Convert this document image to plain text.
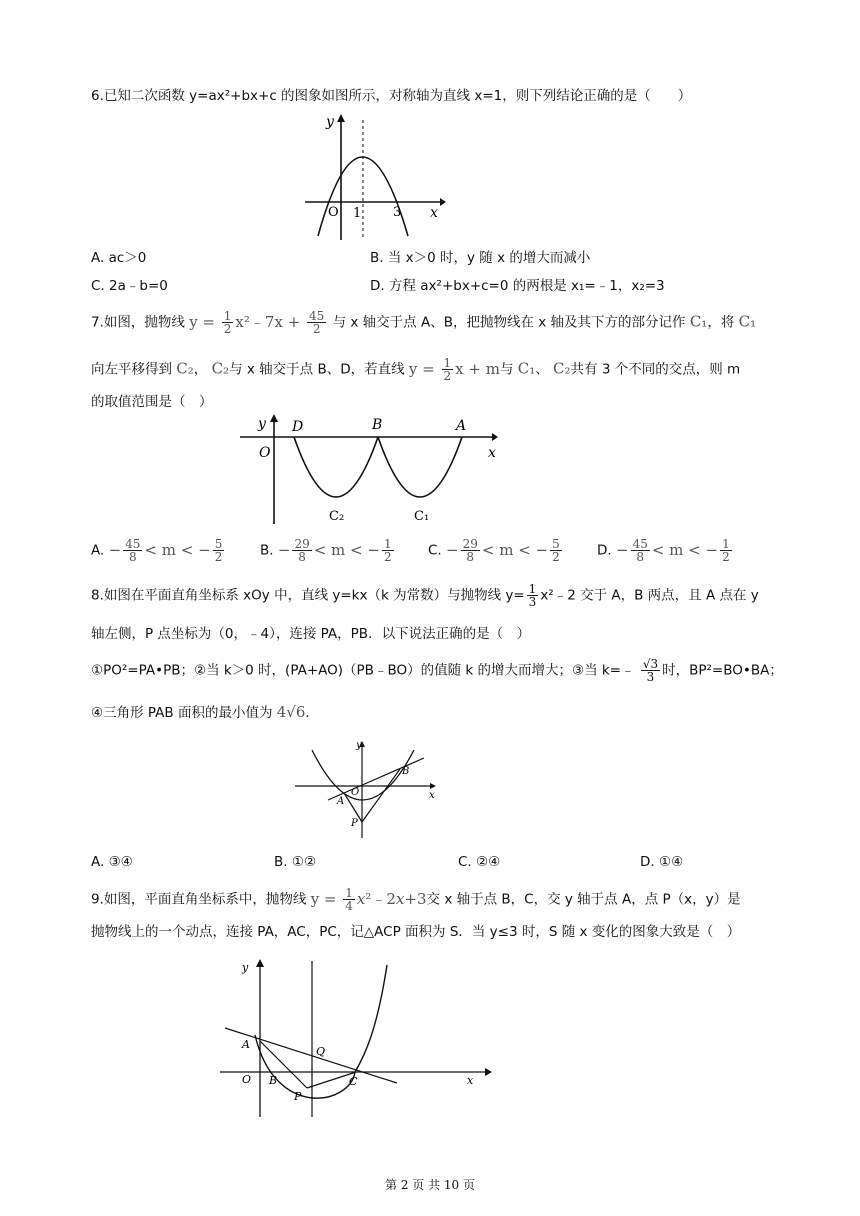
6.已知二次函数 y=ax²+bx+c 的图象如图所示，对称轴为直线 x=1，则下列结论正确的是（　　）
y
x
O 1 3
A. ac＞0	B. 当 x＞0 时，y 随 x 的增大而减小
C. 2a﹣b=0	D. 方程 ax²+bx+c=0 的两根是 x₁=﹣1，x₂=3
7.如图，抛物线 $y = \frac{1}{2}$ x²﹣7x + $\frac{45}{2}$ 与 x 轴交于点 A、B，把抛物线在 x 轴及其下方的部分记作 C₁，将 C₁
向左平移得到 C₂， C₂与 x 轴交于点 B、D，若直线 $y = \frac{1}{2}$ x + m与 C₁、 C₂共有 3 个不同的交点，则 m
的取值范围是（　）
y
x
O
D	B	A
C₂	C₁
A. − $\frac{45}{8} < m$ < − $\frac{5}{2}$	B. − $\frac{29}{8} < m$ < − $\frac{1}{2}$	C. − $\frac{29}{8} < m$ < − $\frac{5}{2}$	D. − $\frac{45}{8} < m$ < − $\frac{1}{2}$
8.如图在平面直角坐标系 xOy 中，直线 y=kx（k 为常数）与抛物线 $y= \frac{1}{3}$ x²﹣2 交于 A，B 两点，且 A 点在 y
轴左侧，P 点坐标为（0，﹣4），连接 PA，PB．以下说法正确的是（　）
①PO²=PA•PB；②当 k＞0 时，(PA+AO)（PB﹣BO）的值随 k 的增大而增大；③当 k=﹣ $\frac{√3}{3}$ 时，BP²=BO•BA；
④三角形 PAB 面积的最小值为 4√6．
y
x
O
A
B
P
A. ③④	B. ①②	C. ②④	D. ①④
9.如图，平面直角坐标系中，抛物线 $y = \frac{1}{4}$ x²﹣2x+3交 x 轴于点 B，C，交 y 轴于点 A，点 P（x，y）是
抛物线上的一个动点，连接 PA，AC，PC，记△ACP 面积为 S．当 y≤3 时，S 随 x 变化的图象大致是（　）
y
x
O
A
B	C
P
Q
第 2 页 共 10 页
